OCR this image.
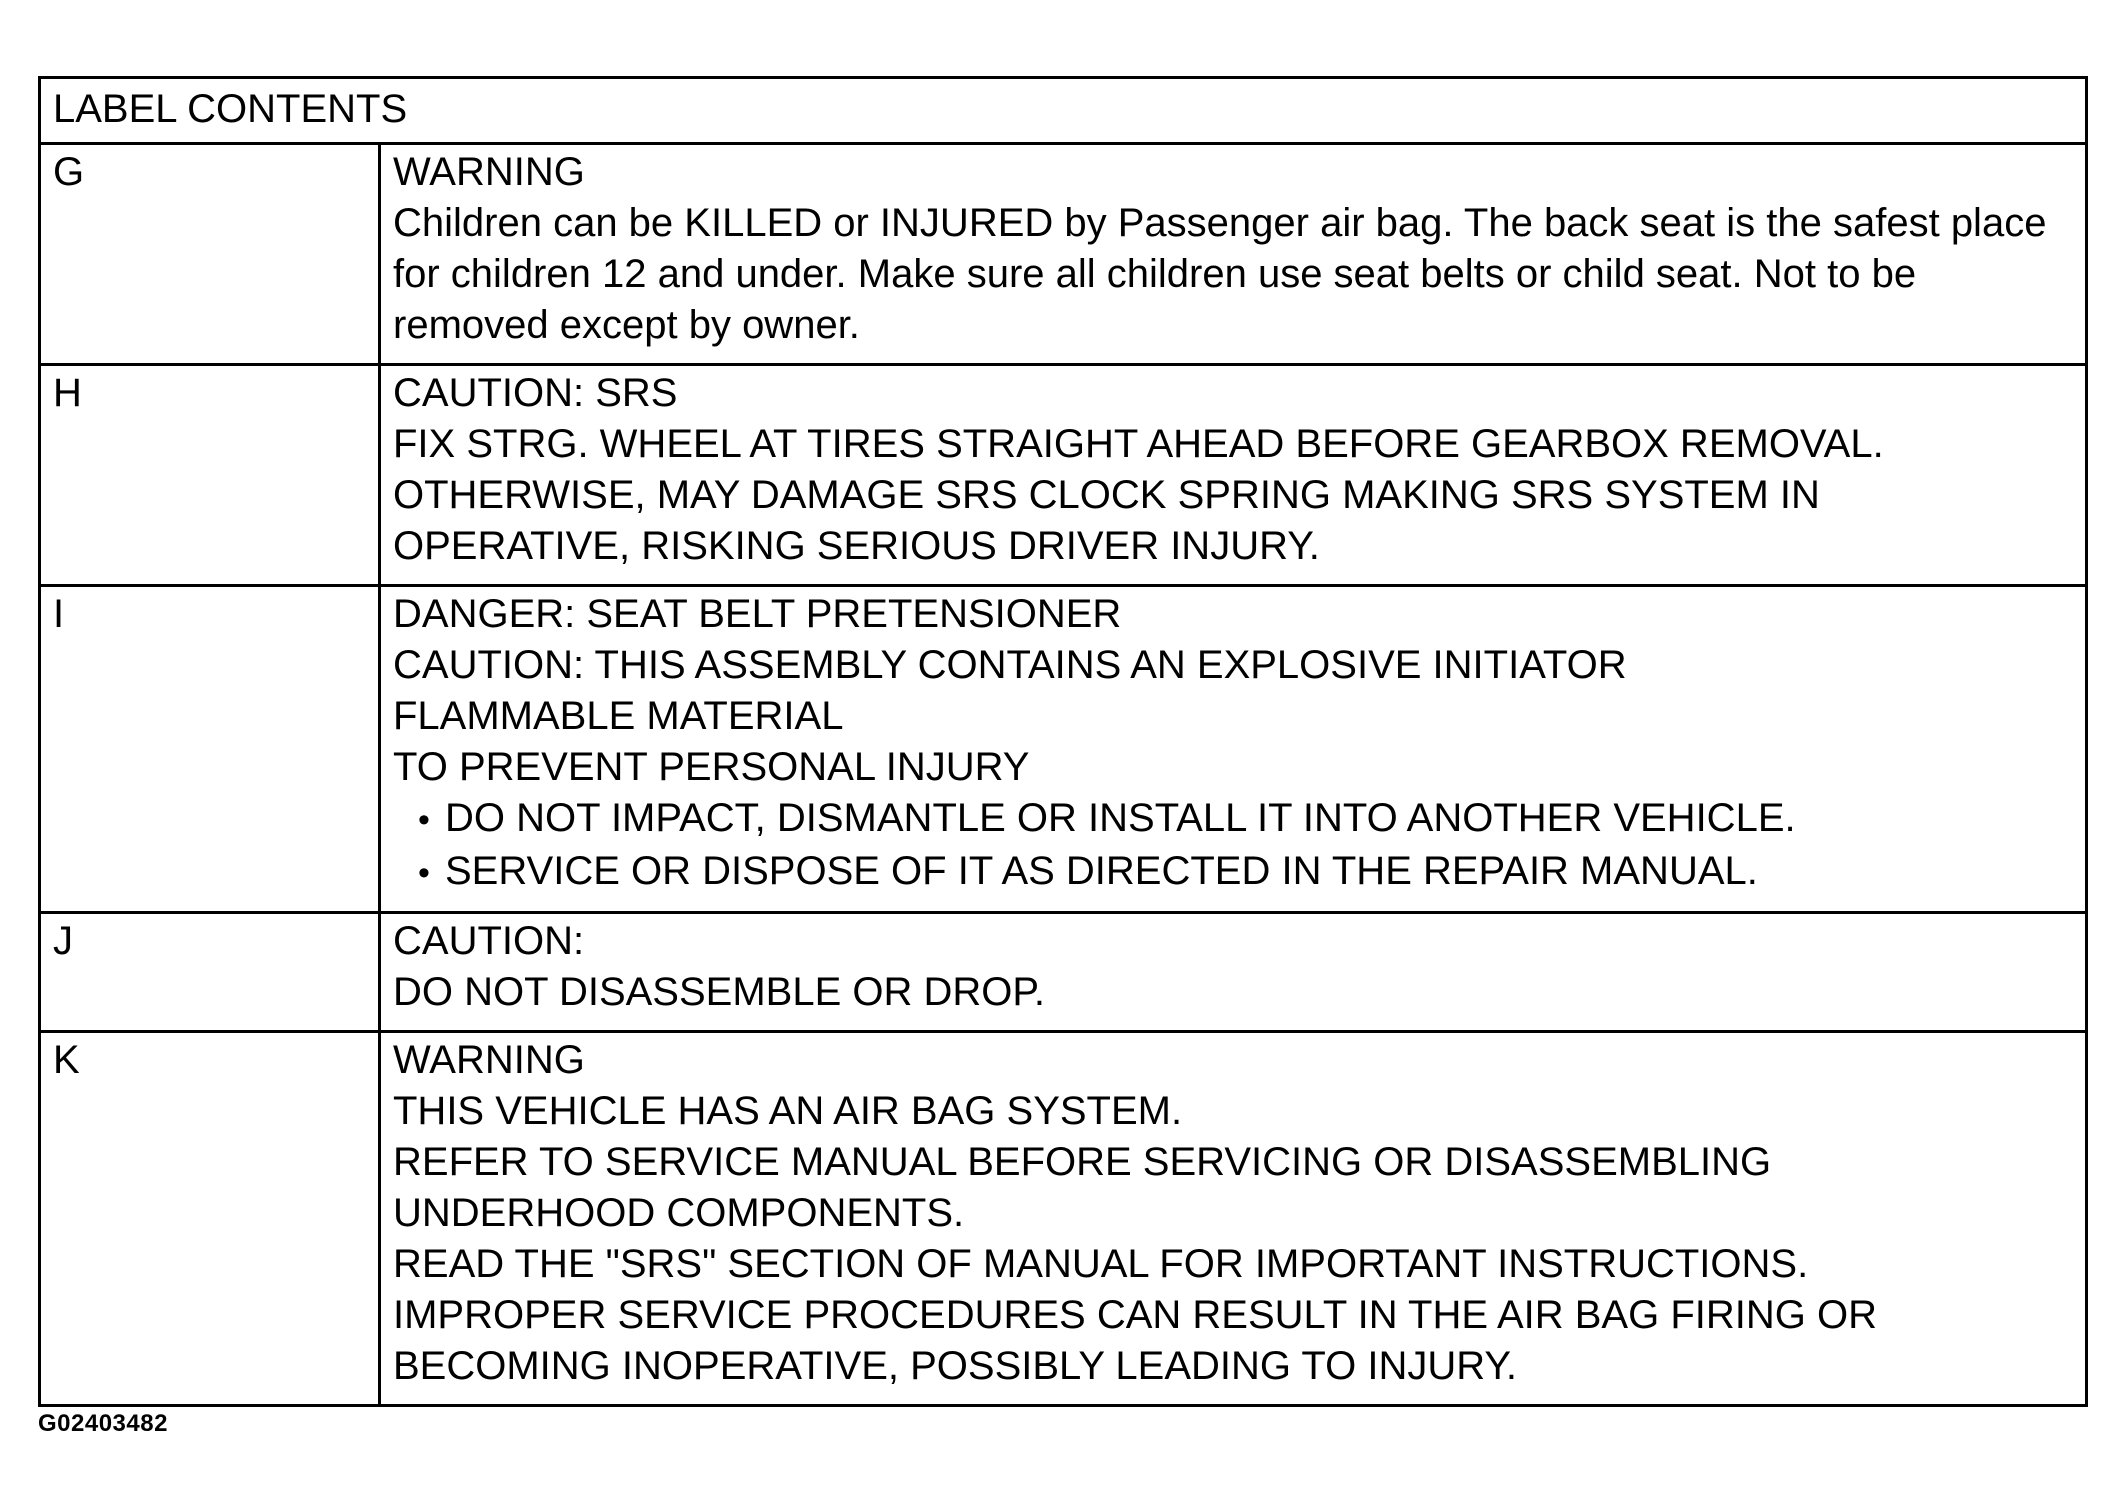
LABEL CONTENTS
G	WARNING
Children can be KILLED or INJURED by Passenger air bag. The back seat is the safest place for children 12 and under. Make sure all children use seat belts or child seat. Not to be removed except by owner.
H	CAUTION: SRS
FIX STRG. WHEEL AT TIRES STRAIGHT AHEAD BEFORE GEARBOX REMOVAL.
OTHERWISE, MAY DAMAGE SRS CLOCK SPRING MAKING SRS SYSTEM IN
OPERATIVE, RISKING SERIOUS DRIVER INJURY.
I	DANGER: SEAT BELT PRETENSIONER
CAUTION: THIS ASSEMBLY CONTAINS AN EXPLOSIVE INITIATOR
FLAMMABLE MATERIAL
TO PREVENT PERSONAL INJURY
• DO NOT IMPACT, DISMANTLE OR INSTALL IT INTO ANOTHER VEHICLE.
• SERVICE OR DISPOSE OF IT AS DIRECTED IN THE REPAIR MANUAL.
J	CAUTION:
DO NOT DISASSEMBLE OR DROP.
K	WARNING
THIS VEHICLE HAS AN AIR BAG SYSTEM.
REFER TO SERVICE MANUAL BEFORE SERVICING OR DISASSEMBLING
UNDERHOOD COMPONENTS.
READ THE "SRS" SECTION OF MANUAL FOR IMPORTANT INSTRUCTIONS.
IMPROPER SERVICE PROCEDURES CAN RESULT IN THE AIR BAG FIRING OR
BECOMING INOPERATIVE, POSSIBLY LEADING TO INJURY.
G02403482
